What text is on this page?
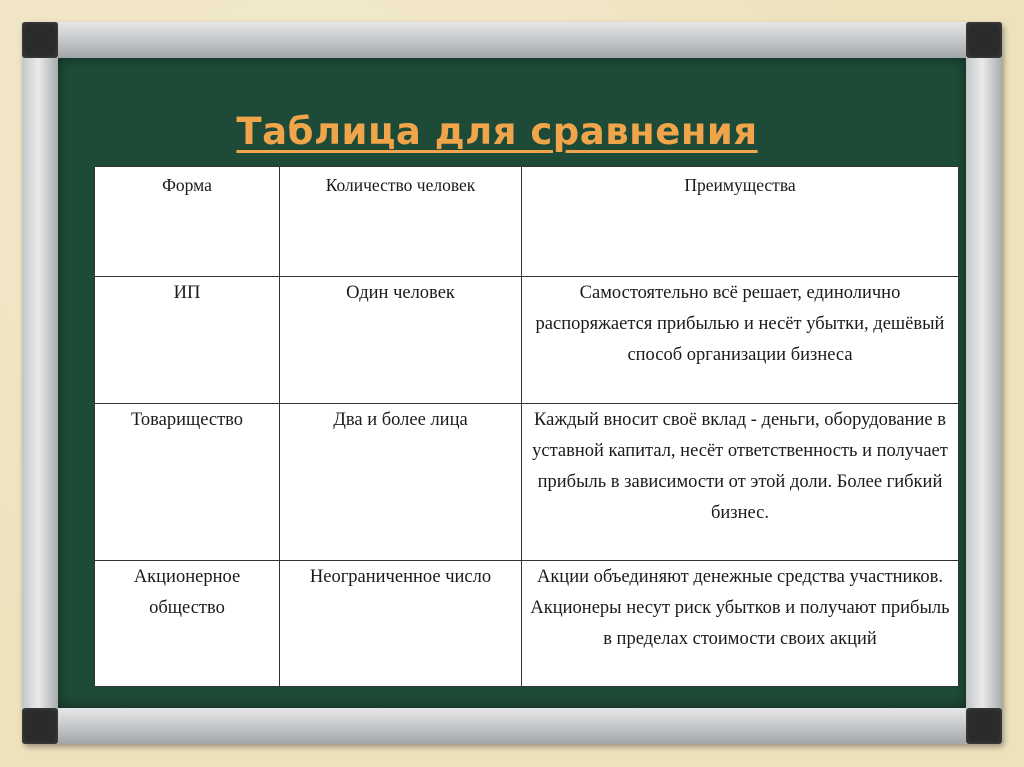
Таблица для сравнения
Форма	Количество человек	Преимущества
ИП	Один человек	Самостоятельно всё решает, единолично распоряжается прибылью и несёт убытки, дешёвый способ организации бизнеса
Товарищество	Два и более лица	Каждый вносит своё вклад - деньги, оборудование в уставной капитал, несёт ответственность и получает прибыль в зависимости от этой доли. Более гибкий бизнес.
Акционерное общество	Неограниченное число	Акции объединяют денежные средства участников. Акционеры несут риск убытков и получают прибыль в пределах стоимости своих акций
